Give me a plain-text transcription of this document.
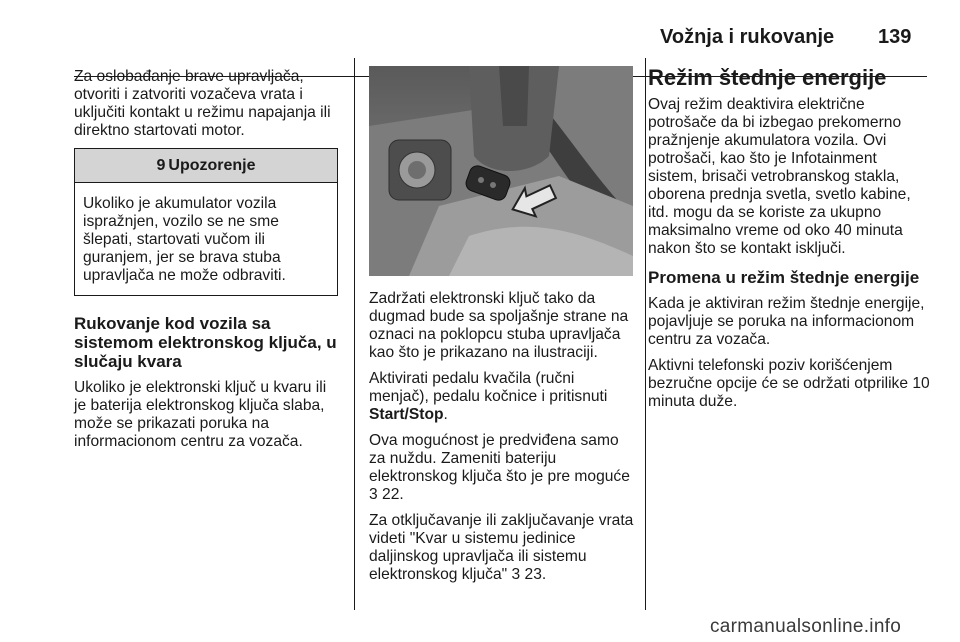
Vožnja i rukovanje 139

Za oslobađanje brave upravljača, otvoriti i zatvoriti vozačeva vrata i uključiti kontakt u režimu napajanja ili direktno startovati motor.

9 Upozorenje
Ukoliko je akumulator vozila ispražnjen, vozilo se ne sme šlepati, startovati vučom ili guranjem, jer se brava stuba upravljača ne može odbraviti.
Rukovanje kod vozila sa sistemom elektronskog ključa, u slučaju kvara

Ukoliko je elektronski ključ u kvaru ili je baterija elektronskog ključa slaba, može se prikazati poruka na informacionom centru za vozača.

Zadržati elektronski ključ tako da dugmad bude sa spoljašnje strane na oznaci na poklopcu stuba upravljača kao što je prikazano na ilustraciji.

Aktivirati pedalu kvačila (ručni menjač), pedalu kočnice i pritisnuti
Start/Stop.

Ova mogućnost je predviđena samo za nuždu. Zameniti bateriju elektronskog ključa što je pre moguće
3 22.

Za otključavanje ili zaključavanje vrata videti "Kvar u sistemu jedinice daljinskog upravljača ili sistemu elektronskog ključa" 3 23.

Režim štednje energije

Ovaj režim deaktivira električne potrošače da bi izbegao prekomerno pražnjenje akumulatora vozila. Ovi potrošači, kao što je Infotainment sistem, brisači vetrobranskog stakla, oborena prednja svetla, svetlo kabine, itd. mogu da se koriste za ukupno maksimalno vreme od oko 40 minuta nakon što se kontakt isključi.

Promena u režim štednje energije

Kada je aktiviran režim štednje energije, pojavljuje se poruka na informacionom centru za vozača.

Aktivni telefonski poziv korišćenjem bezručne opcije će se održati otprilike 10 minuta duže.

carmanualsonline.info
